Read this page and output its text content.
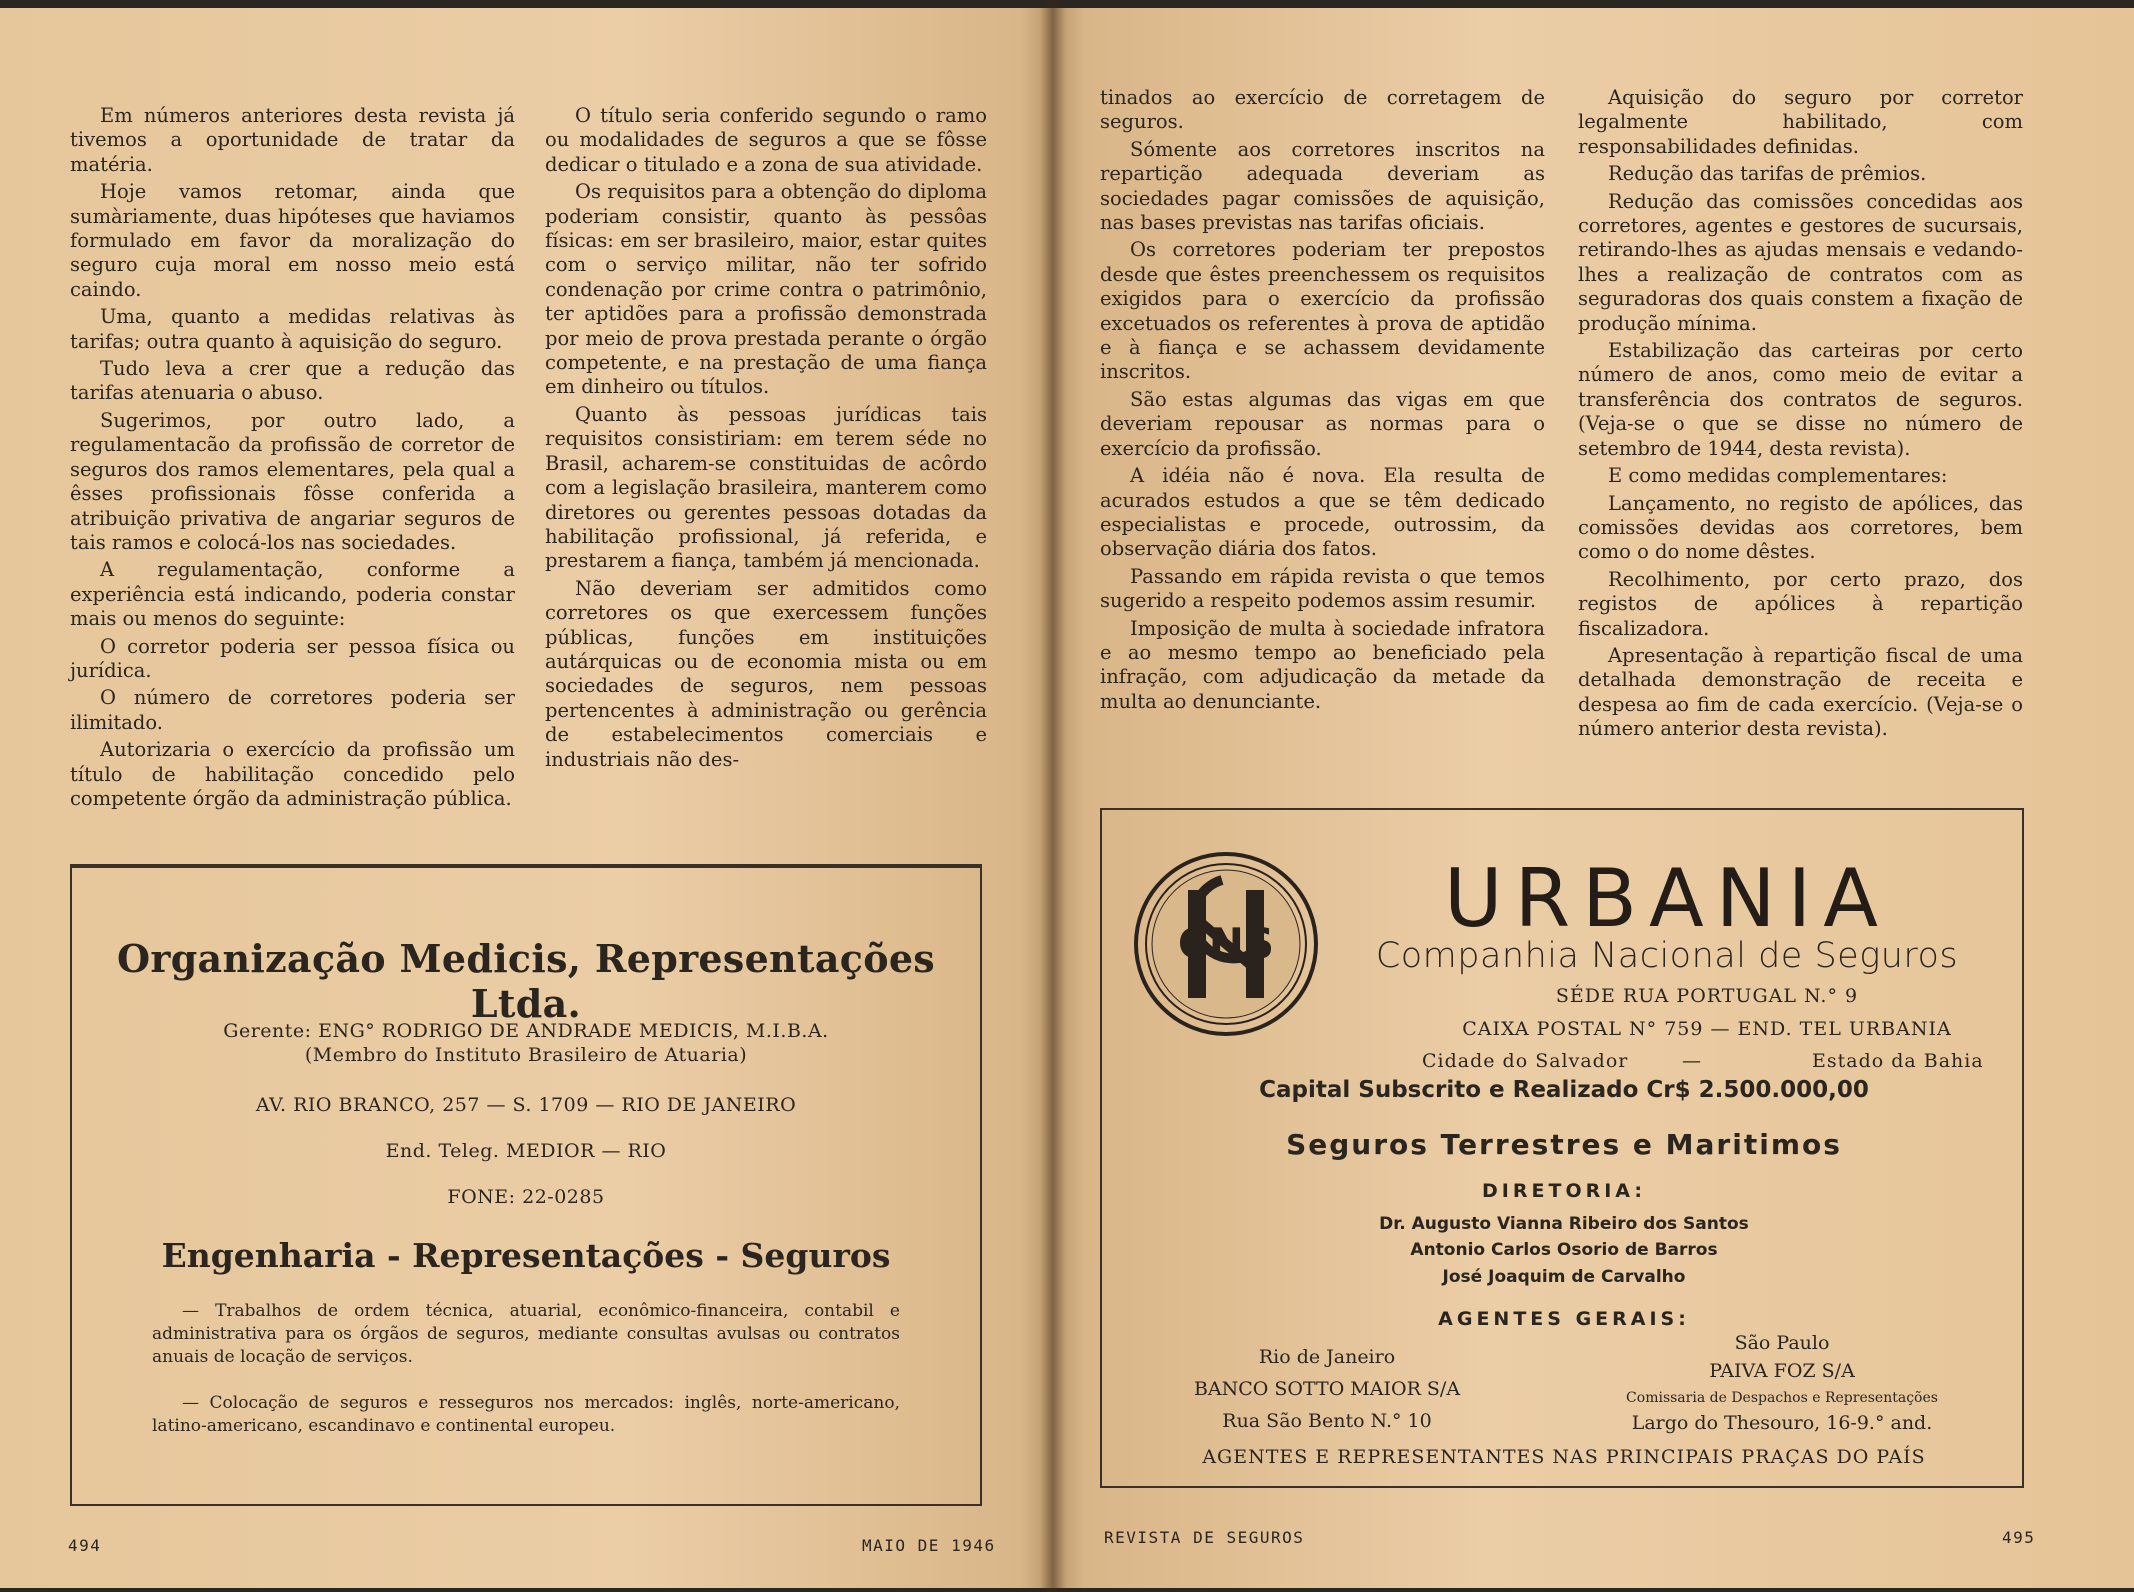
Em números anteriores desta revista já tivemos a oportunidade de tratar da matéria.

Hoje vamos retomar, ainda que sumàriamente, duas hipóteses que haviamos formulado em favor da moralização do seguro cuja moral em nosso meio está caindo.

Uma, quanto a medidas relativas às tarifas; outra quanto à aquisição do seguro.

Tudo leva a crer que a redução das tarifas atenuaria o abuso.

Sugerimos, por outro lado, a regulamentacão da profissão de corretor de seguros dos ramos elementares, pela qual a êsses profissionais fôsse conferida a atribuição privativa de angariar seguros de tais ramos e colocá-los nas sociedades.

A regulamentação, conforme a experiência está indicando, poderia constar mais ou menos do seguinte:

O corretor poderia ser pessoa física ou jurídica.

O número de corretores poderia ser ilimitado.

Autorizaria o exercício da profissão um título de habilitação concedido pelo competente órgão da administração pública.

O título seria conferido segundo o ramo ou modalidades de seguros a que se fôsse dedicar o titulado e a zona de sua atividade.

Os requisitos para a obtenção do diploma poderiam consistir, quanto às pessôas físicas: em ser brasileiro, maior, estar quites com o serviço militar, não ter sofrido condenação por crime contra o patrimônio, ter aptidões para a profissão demonstrada por meio de prova prestada perante o órgão competente, e na prestação de uma fiança em dinheiro ou títulos.

Quanto às pessoas jurídicas tais requisitos consistiriam: em terem séde no Brasil, acharem-se constituidas de acôrdo com a legislação brasileira, manterem como diretores ou gerentes pessoas dotadas da habilitação profissional, já referida, e prestarem a fiança, também já mencionada.

Não deveriam ser admitidos como corretores os que exercessem funções públicas, funções em instituições autárquicas ou de economia mista ou em sociedades de seguros, nem pessoas pertencentes à administração ou gerência de estabelecimentos comerciais e industriais não des-

Organização Medicis, Representações Ltda.
Gerente: ENG° RODRIGO DE ANDRADE MEDICIS, M.I.B.A.
(Membro do Instituto Brasileiro de Atuaria)
AV. RIO BRANCO, 257 — S. 1709 — RIO DE JANEIRO
End. Teleg. MEDIOR — RIO
FONE: 22-0285
Engenharia - Representações - Seguros
— Trabalhos de ordem técnica, atuarial, econômico-financeira, contabil e administrativa para os órgãos de seguros, mediante consultas avulsas ou contratos anuais de locação de serviços.
— Colocação de seguros e resseguros nos mercados: inglês, norte-americano, latino-americano, escandinavo e continental europeu.
494	MAIO DE 1946

tinados ao exercício de corretagem de seguros.

Sómente aos corretores inscritos na repartição adequada deveriam as sociedades pagar comissões de aquisição, nas bases previstas nas tarifas oficiais.

Os corretores poderiam ter prepostos desde que êstes preenchessem os requisitos exigidos para o exercício da profissão excetuados os referentes à prova de aptidão e à fiança e se achassem devidamente inscritos.

São estas algumas das vigas em que deveriam repousar as normas para o exercício da profissão.

A idéia não é nova. Ela resulta de acurados estudos a que se têm dedicado especialistas e procede, outrossim, da observação diária dos fatos.

Passando em rápida revista o que temos sugerido a respeito podemos assim resumir.

Imposição de multa à sociedade infratora e ao mesmo tempo ao beneficiado pela infração, com adjudicação da metade da multa ao denunciante.

Aquisição do seguro por corretor legalmente habilitado, com responsabilidades definidas.

Redução das tarifas de prêmios.

Redução das comissões concedidas aos corretores, agentes e gestores de sucursais, retirando-lhes as ajudas mensais e vedando-lhes a realização de contratos com as seguradoras dos quais constem a fixação de produção mínima.

Estabilização das carteiras por certo número de anos, como meio de evitar a transferência dos contratos de seguros. (Veja-se o que se disse no número de setembro de 1944, desta revista).

E como medidas complementares:

Lançamento, no registo de apólices, das comissões devidas aos corretores, bem como o do nome dêstes.

Recolhimento, por certo prazo, dos registos de apólices à repartição fiscalizadora.

Apresentação à repartição fiscal de uma detalhada demonstração de receita e despesa ao fim de cada exercício. (Veja-se o número anterior desta revista).

CNS	URBANIA
Companhia Nacional de Seguros
SÉDE RUA PORTUGAL N.° 9
CAIXA POSTAL N° 759 — END. TEL URBANIA
Cidade do Salvador	—	Estado da Bahia
Capital Subscrito e Realizado Cr$ 2.500.000,00
Seguros Terrestres e Maritimos
DIRETORIA:
Dr. Augusto Vianna Ribeiro dos Santos
Antonio Carlos Osorio de Barros
José Joaquim de Carvalho
AGENTES GERAIS:
Rio de Janeiro
BANCO SOTTO MAIOR S/A
Rua São Bento N.° 10
São Paulo
PAIVA FOZ S/A
Comissaria de Despachos e Representações
Largo do Thesouro, 16-9.° and.
AGENTES E REPRESENTANTES NAS PRINCIPAIS PRAÇAS DO PAÍS
REVISTA DE SEGUROS	495
